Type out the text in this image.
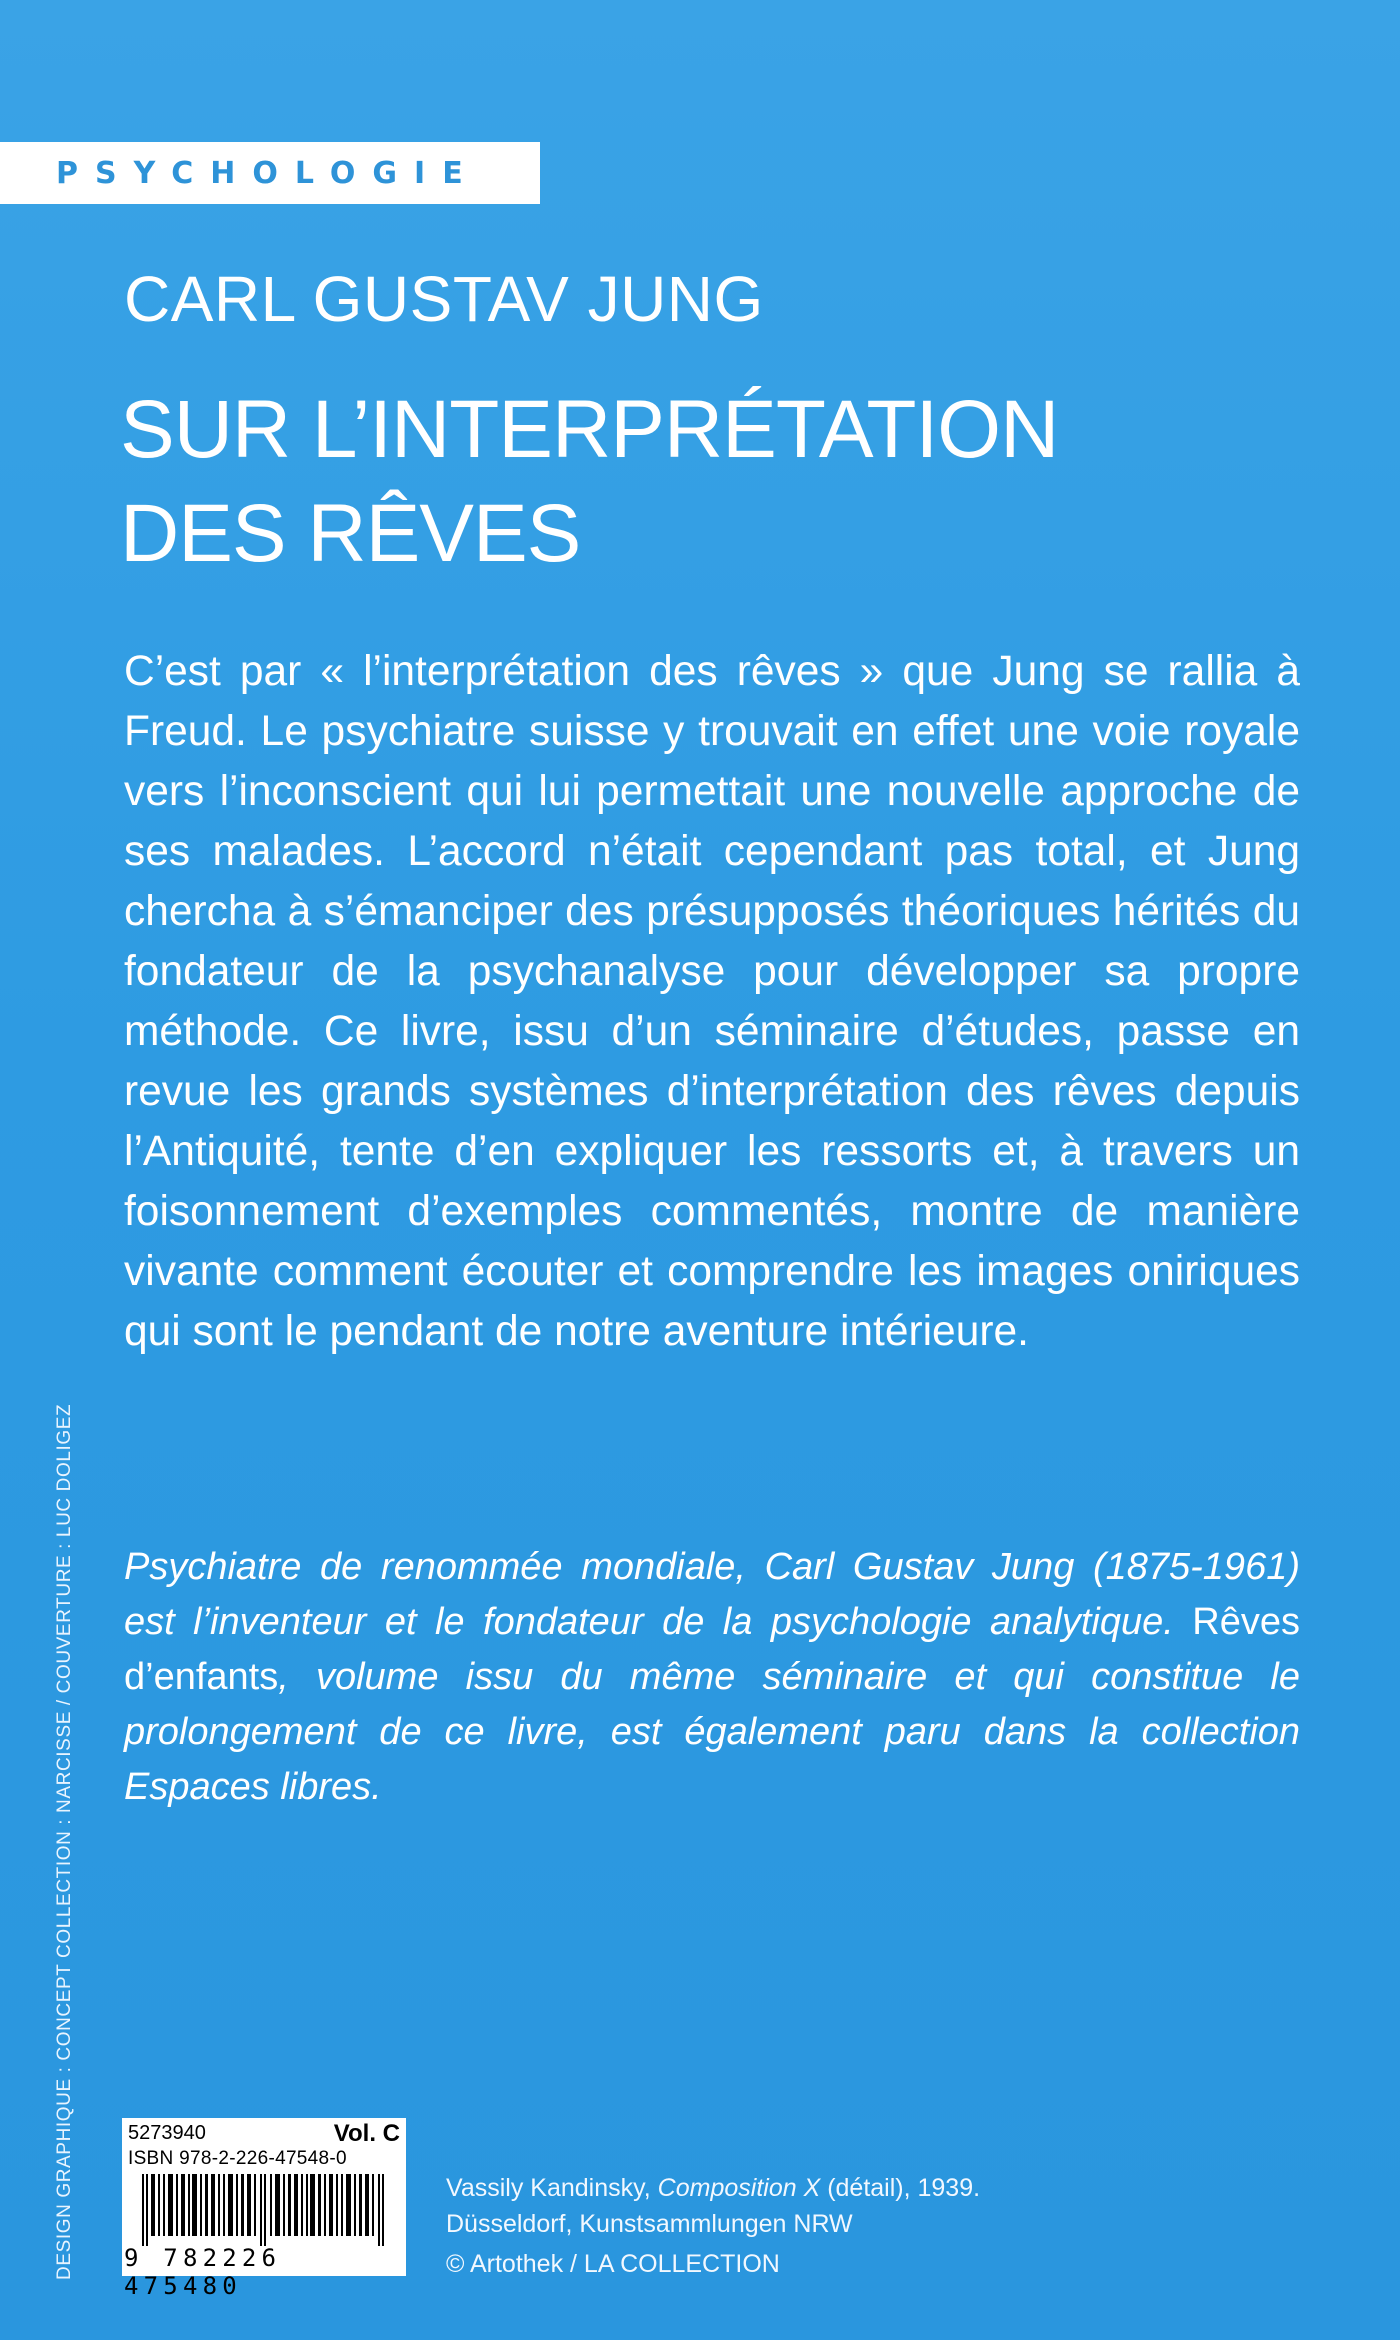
PSYCHOLOGIE
CARL GUSTAV JUNG
SUR L’INTERPRÉTATION
DES RÊVES

C’est par « l’interprétation des rêves » que Jung se rallia à Freud. Le psychiatre suisse y trouvait en effet une voie royale vers l’inconscient qui lui permettait une nouvelle approche de ses malades. L’accord n’était cependant pas total, et Jung chercha à s’émanciper des présupposés théoriques hérités du fondateur de la psychanalyse pour développer sa propre méthode. Ce livre, issu d’un séminaire d’études, passe en revue les grands systèmes d’interprétation des rêves depuis l’Antiquité, tente d’en expliquer les ressorts et, à travers un foisonnement d’exemples commentés, montre de manière vivante comment écouter et comprendre les images oniriques qui sont le pendant de notre aventure intérieure.

Psychiatre de renommée mondiale, Carl Gustav Jung (1875-1961) est l’inventeur et le fondateur de la psychologie analytique. Rêves d’enfants, volume issu du même séminaire et qui constitue le prolongement de ce livre, est également paru dans la collection Espaces libres.

DESIGN GRAPHIQUE : CONCEPT COLLECTION : NARCISSE / COUVERTURE : LUC DOLIGEZ	5273940	Vol. C
ISBN 978-2-226-47548-0
9 782226 475480
Vassily Kandinsky, Composition X (détail), 1939.
Düsseldorf, Kunstsammlungen NRW
© Artothek / LA COLLECTION
